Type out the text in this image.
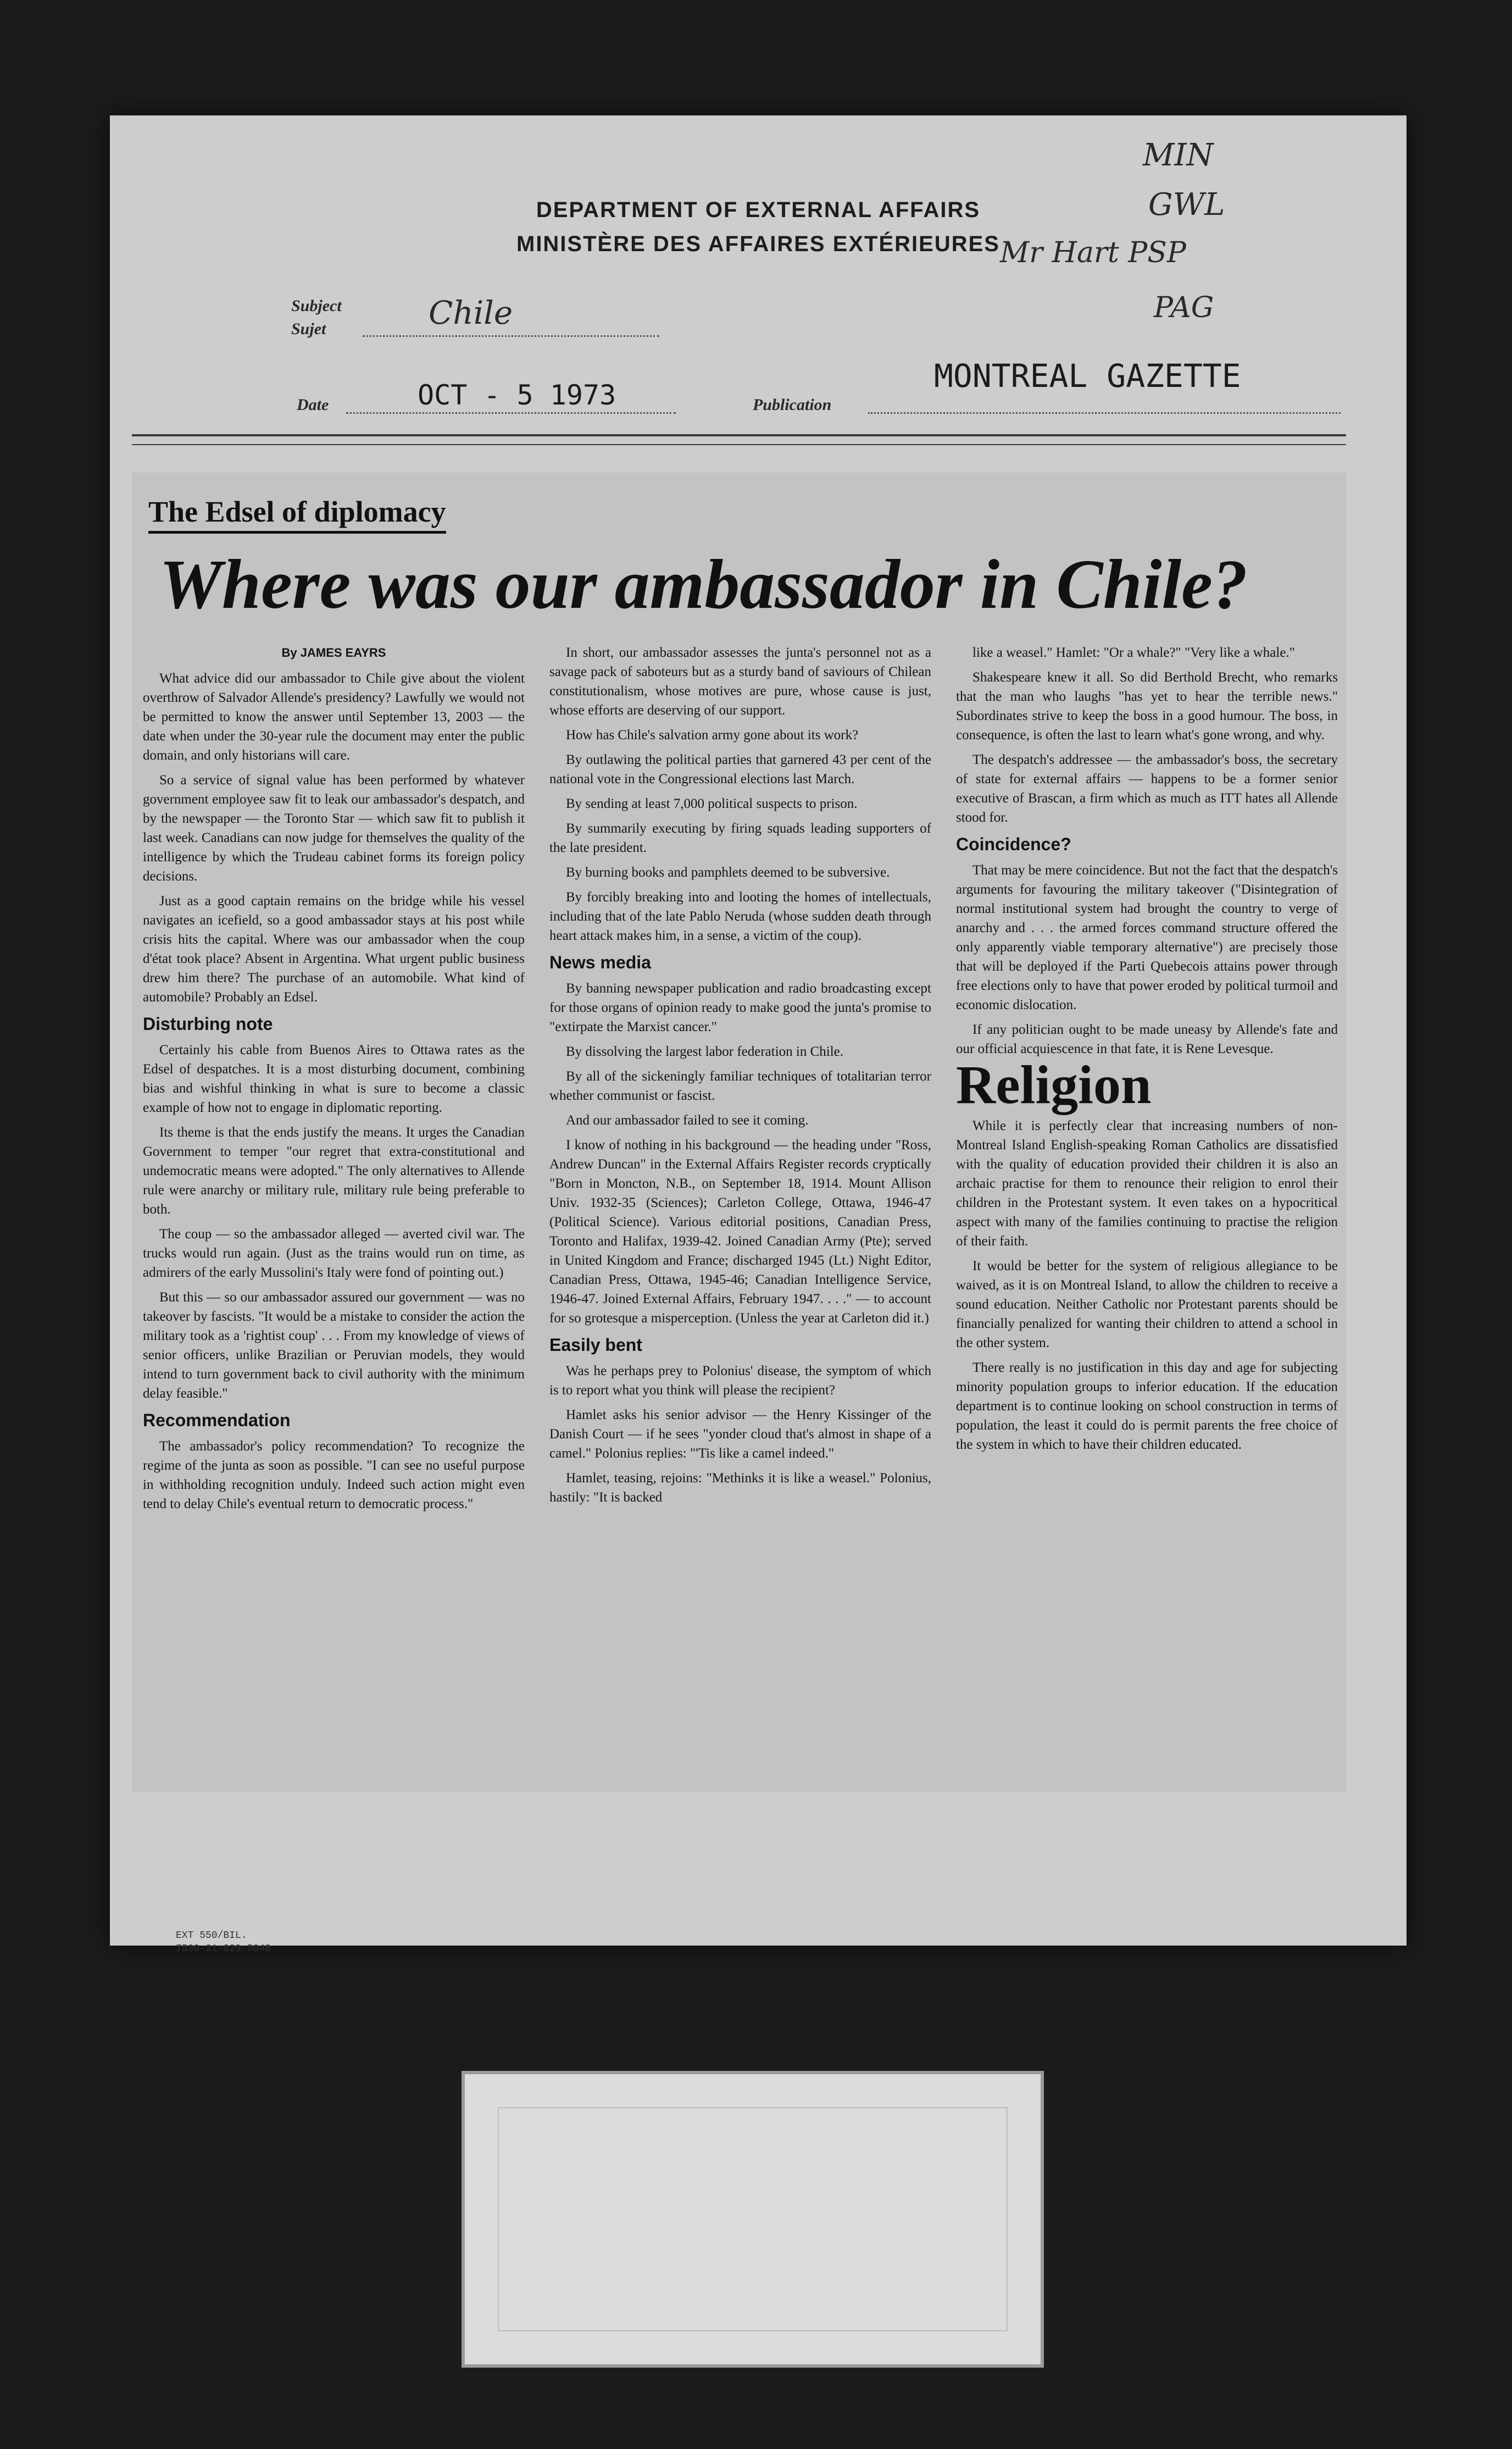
DEPARTMENT OF EXTERNAL AFFAIRS
MINISTÈRE DES AFFAIRES EXTÉRIEURES
MIN
GWL
Mr Hart PSP
PAG
Subject
Sujet	Chile
Date	OCT - 5 1973	Publication
MONTREAL GAZETTE
The Edsel of diplomacy
Where was our ambassador in Chile?
By JAMES EAYRS

What advice did our ambassador to Chile give about the violent overthrow of Salvador Allende's presidency? Lawfully we would not be permitted to know the answer until September 13, 2003 — the date when under the 30-year rule the document may enter the public domain, and only historians will care.

So a service of signal value has been performed by whatever government employee saw fit to leak our ambassador's despatch, and by the newspaper — the Toronto Star — which saw fit to publish it last week. Canadians can now judge for themselves the quality of the intelligence by which the Trudeau cabinet forms its foreign policy decisions.

Just as a good captain remains on the bridge while his vessel navigates an icefield, so a good ambassador stays at his post while crisis hits the capital. Where was our ambassador when the coup d'état took place? Absent in Argentina. What urgent public business drew him there? The purchase of an automobile. What kind of automobile? Probably an Edsel.

Disturbing note

Certainly his cable from Buenos Aires to Ottawa rates as the Edsel of despatches. It is a most disturbing document, combining bias and wishful thinking in what is sure to become a classic example of how not to engage in diplomatic reporting.

Its theme is that the ends justify the means. It urges the Canadian Government to temper "our regret that extra-constitutional and undemocratic means were adopted." The only alternatives to Allende rule were anarchy or military rule, military rule being preferable to both.

The coup — so the ambassador alleged — averted civil war. The trucks would run again. (Just as the trains would run on time, as admirers of the early Mussolini's Italy were fond of pointing out.)

But this — so our ambassador assured our government — was no takeover by fascists. "It would be a mistake to consider the action the military took as a 'rightist coup' . . . From my knowledge of views of senior officers, unlike Brazilian or Peruvian models, they would intend to turn government back to civil authority with the minimum delay feasible."

Recommendation

The ambassador's policy recommendation? To recognize the regime of the junta as soon as possible. "I can see no useful purpose in withholding recognition unduly. Indeed such action might even tend to delay Chile's eventual return to democratic process."

In short, our ambassador assesses the junta's personnel not as a savage pack of saboteurs but as a sturdy band of saviours of Chilean constitutionalism, whose motives are pure, whose cause is just, whose efforts are deserving of our support.

How has Chile's salvation army gone about its work?

By outlawing the political parties that garnered 43 per cent of the national vote in the Congressional elections last March.

By sending at least 7,000 political suspects to prison.

By summarily executing by firing squads leading supporters of the late president.

By burning books and pamphlets deemed to be subversive.

By forcibly breaking into and looting the homes of intellectuals, including that of the late Pablo Neruda (whose sudden death through heart attack makes him, in a sense, a victim of the coup).

News media

By banning newspaper publication and radio broadcasting except for those organs of opinion ready to make good the junta's promise to "extirpate the Marxist cancer."

By dissolving the largest labor federation in Chile.

By all of the sickeningly familiar techniques of totalitarian terror whether communist or fascist.

And our ambassador failed to see it coming.

I know of nothing in his background — the heading under "Ross, Andrew Duncan" in the External Affairs Register records cryptically "Born in Moncton, N.B., on September 18, 1914. Mount Allison Univ. 1932-35 (Sciences); Carleton College, Ottawa, 1946-47 (Political Science). Various editorial positions, Canadian Press, Toronto and Halifax, 1939-42. Joined Canadian Army (Pte); served in United Kingdom and France; discharged 1945 (Lt.) Night Editor, Canadian Press, Ottawa, 1945-46; Canadian Intelligence Service, 1946-47. Joined External Affairs, February 1947. . . ." — to account for so grotesque a misperception. (Unless the year at Carleton did it.)

Easily bent

Was he perhaps prey to Polonius' disease, the symptom of which is to report what you think will please the recipient?

Hamlet asks his senior advisor — the Henry Kissinger of the Danish Court — if he sees "yonder cloud that's almost in shape of a camel." Polonius replies: "'Tis like a camel indeed."

Hamlet, teasing, rejoins: "Methinks it is like a weasel." Polonius, hastily: "It is backed

like a weasel." Hamlet: "Or a whale?" "Very like a whale."

Shakespeare knew it all. So did Berthold Brecht, who remarks that the man who laughs "has yet to hear the terrible news." Subordinates strive to keep the boss in a good humour. The boss, in consequence, is often the last to learn what's gone wrong, and why.

The despatch's addressee — the ambassador's boss, the secretary of state for external affairs — happens to be a former senior executive of Brascan, a firm which as much as ITT hates all Allende stood for.

Coincidence?

That may be mere coincidence. But not the fact that the despatch's arguments for favouring the military takeover ("Disintegration of normal institutional system had brought the country to verge of anarchy and . . . the armed forces command structure offered the only apparently viable temporary alternative") are precisely those that will be deployed if the Parti Quebecois attains power through free elections only to have that power eroded by political turmoil and economic dislocation.

If any politician ought to be made uneasy by Allende's fate and our official acquiescence in that fate, it is Rene Levesque.

Religion

While it is perfectly clear that increasing numbers of non-Montreal Island English-speaking Roman Catholics are dissatisfied with the quality of education provided their children it is also an archaic practise for them to renounce their religion to enrol their children in the Protestant system. It even takes on a hypocritical aspect with many of the families continuing to practise the religion of their faith.

It would be better for the system of religious allegiance to be waived, as it is on Montreal Island, to allow the children to receive a sound education. Neither Catholic nor Protestant parents should be financially penalized for wanting their children to attend a school in the other system.

There really is no justification in this day and age for subjecting minority population groups to inferior education. If the education department is to continue looking on school construction in terms of population, the least it could do is permit parents the free choice of the system in which to have their children educated.

EXT 550/BIL.
7530-21-029-5048
